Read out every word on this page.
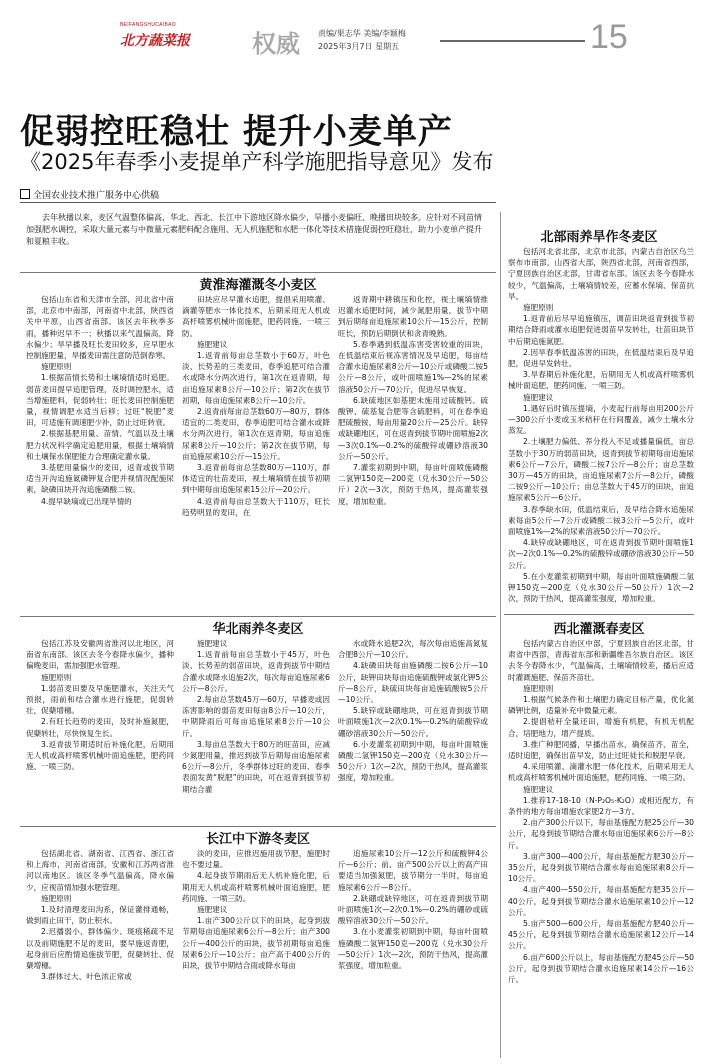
BEIFANGSHUCAIBAO
北方蔬菜报	权威 责编/果志华 美编/李颖梅
2025年3月7日 星期五	15
促弱控旺稳壮 提升小麦单产
《2025年春季小麦提单产科学施肥指导意见》发布
全国农业技术推广服务中心供稿
去年秋播以来，麦区气温整体偏高，华北、西北、长江中下游地区降水偏少，旱播小麦偏旺、晚播田块较多。应针对不同苗情加强肥水调控，采取大量元素与中微量元素肥料配合施用、无人机施肥和水肥一体化等技术措施促弱控旺稳壮，助力小麦单产提升和夏粮丰收。
黄淮海灌溉冬小麦区

包括山东省和天津市全部，河北省中南部，北京市中南部，河南省中北部，陕西省关中平原，山西省南部。该区去年秋季多雨，播种迟早不一；秋播以来气温偏高，降水偏少；旱早播及旺长麦田较多，应早肥水控制施肥量，旱播麦田需注意防范倒春寒。

施肥原则

1.根据苗情长势和土壤墒情适时追肥。弱苗麦田提早追肥管理，及时调控肥水，适当增施肥料，促弱转壮；旺长麦田控制施肥量，视情调肥水适当后移；过旺“脱肥”麦田，可适施有调速肥少补，防止过旺转衰。

2.根据基肥用量、苗情、气温以及土壤肥力状况科学确定追肥用量，根据土壤墒情和土壤保水保肥能力合理确定灌水量。

3.基肥用量偏少的麦田，返青或拔节期适当开沟追施氮磷钾复合肥并视情况配施尿素，缺磷田块开沟追施磷酸二铵。

4.提早缺墒或已出现旱情的

田块应尽早灌水追肥，提倡采用喷灌、滴灌等肥水一体化技术，后期采用无人机或高杆喷雾机械叶面施肥，肥药同施、一喷三防。

施肥建议

1.返青前每亩总茎数小于60万，叶色淡、长势差的三类麦田，春季追肥可结合灌水或降水分两次进行，第1次在返青期，每亩追施尿素8公斤—10公斤；第2次在拔节初期，每亩追施尿素8公斤—10公斤。

2.返青前每亩总茎数60万—80万，群体适宜的二类麦田，春季追肥可结合灌水或降水分两次进行，第1次在返青期，每亩追施尿素8公斤—10公斤；第2次在拔节期，每亩追施尿素10公斤—15公斤。

3.返青前每亩总茎数80万—110万，群体适宜的壮苗麦田，视土壤墒情在拔节初期到中期每亩追施尿素15公斤—20公斤。

4.返青前每亩总茎数大于110万，旺长趋势明显的麦田，在

返青期中耕镇压和化控，视土壤墒情推迟灌水追肥时间，减少氮肥用量，拔节中期到后期每亩追施尿素10公斤—15公斤，控制旺长，预防后期倒伏和贪青晚熟。

5.春季遇到低温冻害受害较重的田块，在低温结束后视冻害情况及早追肥，每亩结合灌水追施尿素8公斤—10公斤或磷酸二铵5公斤—8公斤，或叶面喷施1%—2%的尿素溶液50公斤—70公斤，促进尽早恢复。

6.缺硫地区如基肥未施用过硫酸钙、硫酸钾、硫基复合肥等含硫肥料，可在春季追肥硫酸铵，每亩用量20公斤—25公斤。缺锌或缺硼地区，可在返青到拔节期叶面喷施2次—3次0.1%—0.2%的硫酸锌或硼砂溶液30公斤—50公斤。

7.灌浆初期到中期，每亩叶面喷施磷酸二氢钾150克—200克（兑水30公斤—50公斤）2次—3次，预防干热风，提高灌浆强度，增加粒重。

华北雨养冬麦区

包括江苏及安徽两省淮河以北地区，河南省东南部。该区去冬今春降水偏少，播种偏晚麦田，需加强肥水管理。

施肥原则

1.弱苗麦田要及早施肥灌水，关注天气预报，雨前和结合灌水进行施肥，促弱转壮，促蘖增穗。

2.有旺长趋势的麦田，及时补施氮肥，促蘖转壮，尽快恢复生长。

3.返青拔节期适时后补施化肥，后期用无人机或高杆喷雾机械叶面追施肥，肥药同施、一喷三防。

施肥建议

1.返青前每亩总茎数小于45万，叶色淡、长势差的弱苗田块，返青到拔节中期结合灌水或降水追施2次，每次每亩追施尿素6公斤—8公斤。

2.每亩总茎数45万—60万，早播麦或因冻害影响的弱苗麦田每亩8公斤—10公斤，中期降雨后可每亩追施尿素8公斤—10公斤。

3.每亩总茎数大于80万的旺苗田，应减少氮肥用量，推迟到拔节后期每亩追施尿素6公斤—8公斤，冬季群体过旺的麦田、春季表面发黄“脱肥”的田块，可在返青到拔节初期结合灌

水或降水追肥2次，每次每亩追施高氮复合肥8公斤—10公斤。

4.缺磷田块每亩施磷酸二铵6公斤—10公斤，缺钾田块每亩追施硫酸钾或氯化钾5公斤—8公斤，缺硫田块每亩追施硫酸铵5公斤—10公斤。

5.缺锌或缺硼地块，可在返青到拔节期叶面喷施1次—2次0.1%—0.2%的硫酸锌或硼砂溶液30公斤—50公斤。

6.小麦灌浆初期到中期，每亩叶面喷施磷酸二氢钾150克—200克（兑水30公斤—50公斤）1次—2次，预防干热风，提高灌浆强度，增加粒重。

长江中下游冬麦区

包括湖北省、湖南省、江西省、浙江省和上海市，河南省南部，安徽和江苏两省淮河以南地区。该区冬季气温偏高，降水偏少，应视苗情加强水肥管理。

施肥原则

1.及时清理麦田沟系，保证灌排通畅，做到雨止田干，防止积水。

2.迟播弱小、群体偏少、斑痕稀疏不足以及前期施肥不足的麦田，要早施返青肥，起身前后应酌情追施拔节肥，促蘖转壮、促蘖增穗。

3.群体过大、叶色浓正常或

淡的麦田，应推迟施用拔节肥，施肥时也不要过量。

4.起身拔节期雨后无人机补施化肥，后期用无人机或高杆喷雾机械叶面追施肥，肥药同施、一喷三防。

施肥建议

1.亩产300公斤以下的田块，起身到拔节期每亩追施尿素6公斤—8公斤；亩产300公斤—400公斤的田块，拔节初期每亩追施尿素6公斤—10公斤；亩产高于400公斤的田块，拔节中期结合雨或降水每亩

追施尿素10公斤—12公斤和硫酸钾4公斤—6公斤；前、亩产500公斤以上的高产田要适当加强氮肥，拔节期分一半时，每亩追施尿素6公斤—8公斤。

2.缺硼或缺锌地区，可在返青到拔节期叶面喷施1次—2次0.1%—0.2%的硼砂或硫酸锌溶液30公斤—50公斤。

3.在小麦灌浆初期到中期，每亩叶面喷施磷酸二氢钾150克—200克（兑水30公斤—50公斤）1次—2次，预防干热风，提高灌浆强度，增加粒重。

北部雨养旱作冬麦区

包括河北省北部，北京市北部，内蒙古自治区乌兰察布市南部，山西省大部，陕西省北部，河南省西部，宁夏回族自治区北部，甘肃省东部。该区去冬今春降水较少，气温偏高，土壤墒情较差，应蓄水保墒、保苗抗旱。

施肥原则

1.返青前后尽早追施镇压，调苗田块返青到拔节初期结合降雨或灌水追肥促进弱苗早发转壮，壮苗田块节中后期追施氮肥。

2.因旱春季低温冻害的田块，在低温结束后及早追肥，促进早发转壮。

3.旱春期后补施化肥，后期用无人机或高杆喷雾机械叶面追肥，肥药同施、一喷三防。

施肥建议

1.遇好后时镇压提墒，小麦起行前每亩用200公斤—300公斤小麦或玉米秸秆在行间覆盖，减少土壤水分蒸发。

2.土壤肥力偏低、养分投入不足或播量偏低，亩总茎数小于30万的弱苗田块，返青到拔节初期每亩追施尿素6公斤—7公斤，磷酸二铵7公斤—8公斤；亩总茎数30万—45万的田块，亩追施尿素7公斤—8公斤，磷酸二铵9公斤—10公斤；亩总茎数大于45万的田块，亩追施尿素5公斤—6公斤。

3.春季缺水田，低温结束后，及早结合降水追施尿素每亩5公斤—7公斤或磷酸二铵3公斤—5公斤，或叶面喷施1%—2%的尿素溶液50公斤—70公斤。

4.缺锌或缺硼地区，可在返青到拔节期叶面喷施1次—2次0.1%—0.2%的硫酸锌或硼砂溶液30公斤—50公斤。

5.在小麦灌浆初期到中期，每亩叶面喷施磷酸二氢钾150克—200克（兑水30公斤—50公斤）1次—2次，预防干热风，提高灌浆强度，增加粒重。

西北灌溉春麦区

包括内蒙古自治区中部，宁夏回族自治区北部，甘肃省中西部，青海省东部和新疆维吾尔族自治区。该区去冬今春降水少，气温偏高，土壤墒情较差，播后应适时灌溉施肥、保苗齐苗壮。

施肥原则

1.根据气候条件和土壤肥力确定目标产量，优化氮磷钾比例，适量补充中微量元素。

2.提倡秸秆全量还田，增施有机肥，有机无机配合，培肥地力，增产提质。

3.推广种肥同播，早播出苗水，确保苗齐、苗全，适时追肥，确保出苗早发，防止过旺徒长和脱肥早衰。

4.采用喷灌、滴灌水肥一体化技术，后期采用无人机或高杆喷雾机械叶面追施肥，肥药同施、一喷三防。

施肥建议

1.推荐17-18-10（N-P₂O₅-K₂O）或相近配方，有条件的地方每亩增施农家肥2方—3方。

2.亩产300公斤以下，每亩基施配方肥25公斤—30公斤，起身到拔节期结合灌水每亩追施尿素6公斤—8公斤。

3.亩产300—400公斤，每亩基施配方肥30公斤—35公斤，起身到拔节期结合灌水每亩追施尿素8公斤—10公斤。

4.亩产400—550公斤，每亩基施配方肥35公斤—40公斤，起身到拔节期结合灌水追施尿素10公斤—12公斤。

5.亩产500—600公斤，每亩基施配方肥40公斤—45公斤，起身到拔节期结合灌水追施尿素12公斤—14公斤。

6.亩产600公斤以上，每亩基施配方肥45公斤—50公斤，起身到拔节期结合灌水追施尿素14公斤—16公斤。
